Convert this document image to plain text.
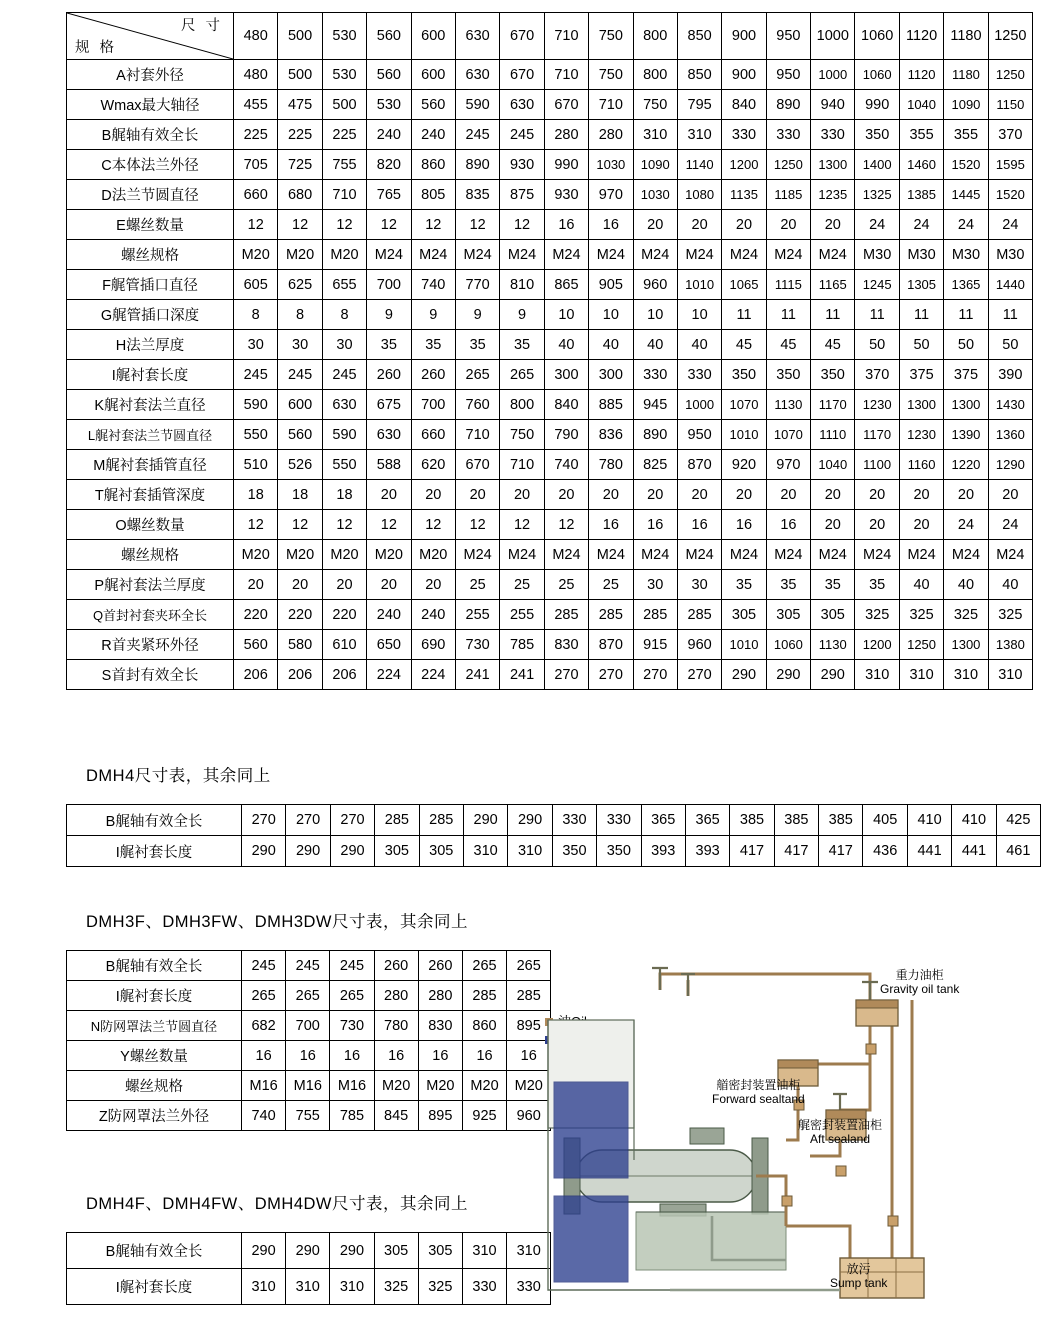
规 格
尺 寸	480	500	530	560	600	630	670	710	750	800	850	900	950	1000	1060	1120	1180	1250
A衬套外径	480	500	530	560	600	630	670	710	750	800	850	900	950	1000	1060	1120	1180	1250
Wmax最大轴径	455	475	500	530	560	590	630	670	710	750	795	840	890	940	990	1040	1090	1150
B艉轴有效全长	225	225	225	240	240	245	245	280	280	310	310	330	330	330	350	355	355	370
C本体法兰外径	705	725	755	820	860	890	930	990	1030	1090	1140	1200	1250	1300	1400	1460	1520	1595
D法兰节圆直径	660	680	710	765	805	835	875	930	970	1030	1080	1135	1185	1235	1325	1385	1445	1520
E螺丝数量	12	12	12	12	12	12	12	16	16	20	20	20	20	20	24	24	24	24
螺丝规格	M20	M20	M20	M24	M24	M24	M24	M24	M24	M24	M24	M24	M24	M24	M30	M30	M30	M30
F艉管插口直径	605	625	655	700	740	770	810	865	905	960	1010	1065	1115	1165	1245	1305	1365	1440
G艉管插口深度	8	8	8	9	9	9	9	10	10	10	10	11	11	11	11	11	11	11
H法兰厚度	30	30	30	35	35	35	35	40	40	40	40	45	45	45	50	50	50	50
I艉衬套长度	245	245	245	260	260	265	265	300	300	330	330	350	350	350	370	375	375	390
K艉衬套法兰直径	590	600	630	675	700	760	800	840	885	945	1000	1070	1130	1170	1230	1300	1300	1430
L艉衬套法兰节圆直径	550	560	590	630	660	710	750	790	836	890	950	1010	1070	1110	1170	1230	1390	1360
M艉衬套插管直径	510	526	550	588	620	670	710	740	780	825	870	920	970	1040	1100	1160	1220	1290
T艉衬套插管深度	18	18	18	20	20	20	20	20	20	20	20	20	20	20	20	20	20	20
O螺丝数量	12	12	12	12	12	12	12	12	16	16	16	16	16	20	20	20	24	24
螺丝规格	M20	M20	M20	M20	M20	M24	M24	M24	M24	M24	M24	M24	M24	M24	M24	M24	M24	M24
P艉衬套法兰厚度	20	20	20	20	20	25	25	25	25	30	30	35	35	35	35	40	40	40
Q首封衬套夹环全长	220	220	220	240	240	255	255	285	285	285	285	305	305	305	325	325	325	325
R首夹紧环外径	560	580	610	650	690	730	785	830	870	915	960	1010	1060	1130	1200	1250	1300	1380
S首封有效全长	206	206	206	224	224	241	241	270	270	270	270	290	290	290	310	310	310	310
DMH4尺寸表，其余同上
B艉轴有效全长	270	270	270	285	285	290	290	330	330	365	365	385	385	385	405	410	410	425
I艉衬套长度	290	290	290	305	305	310	310	350	350	393	393	417	417	417	436	441	441	461
DMH3F、DMH3FW、DMH3DW尺寸表，其余同上
B艉轴有效全长	245	245	245	260	260	265	265
I艉衬套长度	265	265	265	280	280	285	285
N防网罩法兰节圆直径	682	700	730	780	830	860	895
Y螺丝数量	16	16	16	16	16	16	16
螺丝规格	M16	M16	M16	M20	M20	M20	M20
Z防网罩法兰外径	740	755	785	845	895	925	960
DMH4F、DMH4FW、DMH4DW尺寸表，其余同上
B艉轴有效全长	290	290	290	305	305	310	310
I艉衬套长度	310	310	310	325	325	330	330
重力油柜
Gravity oil tank
艏密封装置油柜
Forward sealtand
艉密封装置油柜
Aft sealand
放污
Sump tank
